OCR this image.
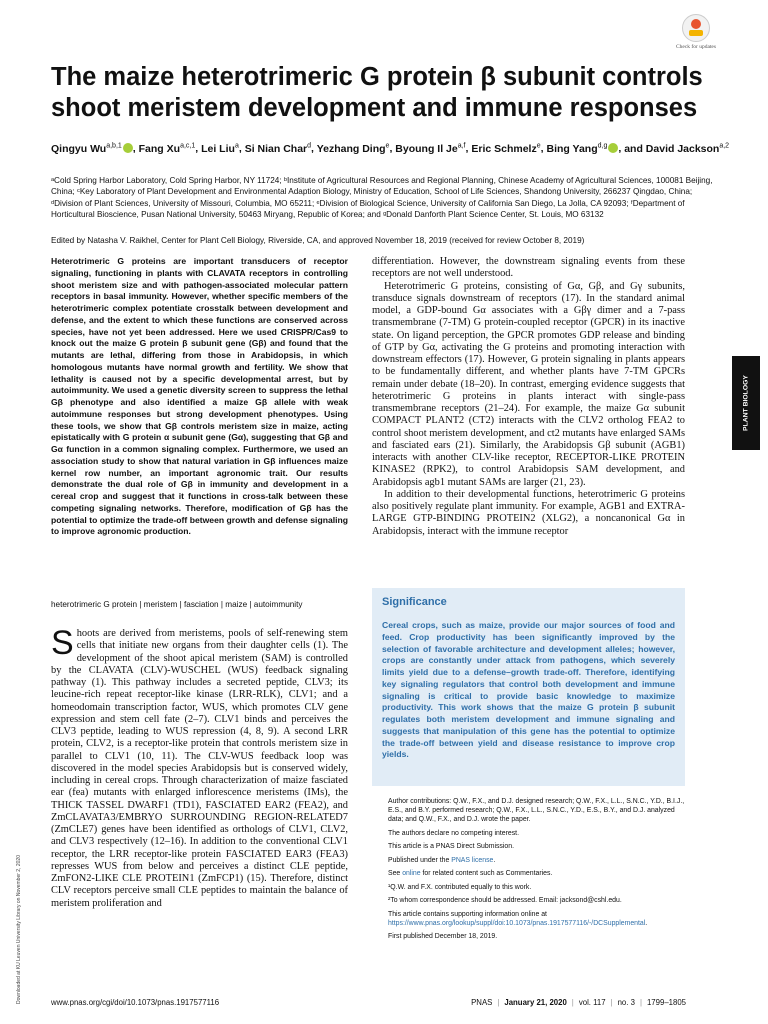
Check for updates
The maize heterotrimeric G protein β subunit controls shoot meristem development and immune responses
Qingyu Wu$^{a,b,1}$ , Fang Xu$^{a,c,1}$, Lei Liu$^a$, Si Nian Char$^d$, Yezhang Ding$^e$, Byoung Il Je$^{a,f}$, Eric Schmelz$^e$, Bing Yang$^{d,g}$ , and David Jackson$^{a,2}$
ᵃCold Spring Harbor Laboratory, Cold Spring Harbor, NY 11724; ᵇInstitute of Agricultural Resources and Regional Planning, Chinese Academy of Agricultural Sciences, 100081 Beijing, China; ᶜKey Laboratory of Plant Development and Environmental Adaption Biology, Ministry of Education, School of Life Sciences, Shandong University, 266237 Qingdao, China; ᵈDivision of Plant Sciences, University of Missouri, Columbia, MO 65211; ᵉDivision of Biological Science, University of California San Diego, La Jolla, CA 92093; ᶠDepartment of Horticultural Bioscience, Pusan National University, 50463 Miryang, Republic of Korea; and ᵍDonald Danforth Plant Science Center, St. Louis, MO 63132
Edited by Natasha V. Raikhel, Center for Plant Cell Biology, Riverside, CA, and approved November 18, 2019 (received for review October 8, 2019)
Heterotrimeric G proteins are important transducers of receptor signaling, functioning in plants with CLAVATA receptors in controlling shoot meristem size and with pathogen-associated molecular pattern receptors in basal immunity. However, whether specific members of the heterotrimeric complex potentiate crosstalk between development and defense, and the extent to which these functions are conserved across species, have not yet been addressed. Here we used CRISPR/Cas9 to knock out the maize G protein β subunit gene (Gβ) and found that the mutants are lethal, differing from those in Arabidopsis, in which homologous mutants have normal growth and fertility. We show that lethality is caused not by a specific developmental arrest, but by autoimmunity. We used a genetic diversity screen to suppress the lethal Gβ phenotype and also identified a maize Gβ allele with weak autoimmune responses but strong development phenotypes. Using these tools, we show that Gβ controls meristem size in maize, acting epistatically with G protein α subunit gene (Gα), suggesting that Gβ and Gα function in a common signaling complex. Furthermore, we used an association study to show that natural variation in Gβ influences maize kernel row number, an important agronomic trait. Our results demonstrate the dual role of Gβ in immunity and development in a cereal crop and suggest that it functions in cross-talk between these competing signaling networks. Therefore, modification of Gβ has the potential to optimize the trade-off between growth and defense signaling to improve agronomic production.
heterotrimeric G protein | meristem | fasciation | maize | autoimmunity
Shoots are derived from meristems, pools of self-renewing stem cells that initiate new organs from their daughter cells (1). The development of the shoot apical meristem (SAM) is controlled by the CLAVATA (CLV)-WUSCHEL (WUS) feedback signaling pathway (1). This pathway includes a secreted peptide, CLV3; its leucine-rich repeat receptor-like kinase (LRR-RLK), CLV1; and a homeodomain transcription factor, WUS, which promotes CLV gene expression and stem cell fate (2–7). CLV1 binds and perceives the CLV3 peptide, leading to WUS repression (4, 8, 9). A second LRR protein, CLV2, is a receptor-like protein that controls meristem size in parallel to CLV1 (10, 11). The CLV-WUS feedback loop was discovered in the model species Arabidopsis but is conserved widely, including in cereal crops. Through characterization of maize fasciated ear (fea) mutants with enlarged inflorescence meristems (IMs), the THICK TASSEL DWARF1 (TD1), FASCIATED EAR2 (FEA2), and ZmCLAVATA3/EMBRYO SURROUNDING REGION-RELATED7 (ZmCLE7) genes have been identified as orthologs of CLV1, CLV2, and CLV3 respectively (12–16). In addition to the conventional CLV1 receptor, the LRR receptor-like protein FASCIATED EAR3 (FEA3) represses WUS from below and perceives a distinct CLE peptide, ZmFON2-LIKE CLE PROTEIN1 (ZmFCP1) (15). Therefore, distinct CLV receptors perceive small CLE peptides to maintain the balance of meristem proliferation and

differentiation. However, the downstream signaling events from these receptors are not well understood.

Heterotrimeric G proteins, consisting of Gα, Gβ, and Gγ subunits, transduce signals downstream of receptors (17). In the standard animal model, a GDP-bound Gα associates with a Gβγ dimer and a 7-pass transmembrane (7-TM) G protein-coupled receptor (GPCR) in its inactive state. On ligand perception, the GPCR promotes GDP release and binding of GTP by Gα, activating the G proteins and promoting interaction with downstream effectors (17). However, G protein signaling in plants appears to be fundamentally different, and whether plants have 7-TM GPCRs remain under debate (18–20). In contrast, emerging evidence suggests that heterotrimeric G proteins in plants interact with single-pass transmembrane receptors (21–24). For example, the maize Gα subunit COMPACT PLANT2 (CT2) interacts with the CLV2 ortholog FEA2 to control shoot meristem development, and ct2 mutants have enlarged SAMs and fasciated ears (21). Similarly, the Arabidopsis Gβ subunit (AGB1) interacts with another CLV-like receptor, RECEPTOR-LIKE PROTEIN KINASE2 (RPK2), to control Arabidopsis SAM development, and Arabidopsis agb1 mutant SAMs are larger (21, 23).

In addition to their developmental functions, heterotrimeric G proteins also positively regulate plant immunity. For example, AGB1 and EXTRA-LARGE GTP-BINDING PROTEIN2 (XLG2), a noncanonical Gα in Arabidopsis, interact with the immune receptor

Significance
Cereal crops, such as maize, provide our major sources of food and feed. Crop productivity has been significantly improved by the selection of favorable architecture and development alleles; however, crops are constantly under attack from pathogens, which severely limits yield due to a defense–growth trade-off. Therefore, identifying key signaling regulators that control both development and immune signaling is critical to provide basic knowledge to maximize productivity. This work shows that the maize G protein β subunit regulates both meristem development and immune signaling and suggests that manipulation of this gene has the potential to optimize the trade-off between yield and disease resistance to improve crop yields.

Author contributions: Q.W., F.X., and D.J. designed research; Q.W., F.X., L.L., S.N.C., Y.D., B.I.J., E.S., and B.Y. performed research; Q.W., F.X., L.L., S.N.C., Y.D., E.S., B.Y., and D.J. analyzed data; and Q.W., F.X., and D.J. wrote the paper.

The authors declare no competing interest.

This article is a PNAS Direct Submission.

Published under the PNAS license.

See online for related content such as Commentaries.

¹Q.W. and F.X. contributed equally to this work.

²To whom correspondence should be addressed. Email: jacksond@cshl.edu.

This article contains supporting information online at https://www.pnas.org/lookup/suppl/doi:10.1073/pnas.1917577116/-/DCSupplemental.

First published December 18, 2019.

PLANT BIOLOGY
Downloaded at KU Leuven University Library on November 2, 2020	www.pnas.org/cgi/doi/10.1073/pnas.1917577116	PNAS | January 21, 2020 | vol. 117 | no. 3 | 1799–1805
